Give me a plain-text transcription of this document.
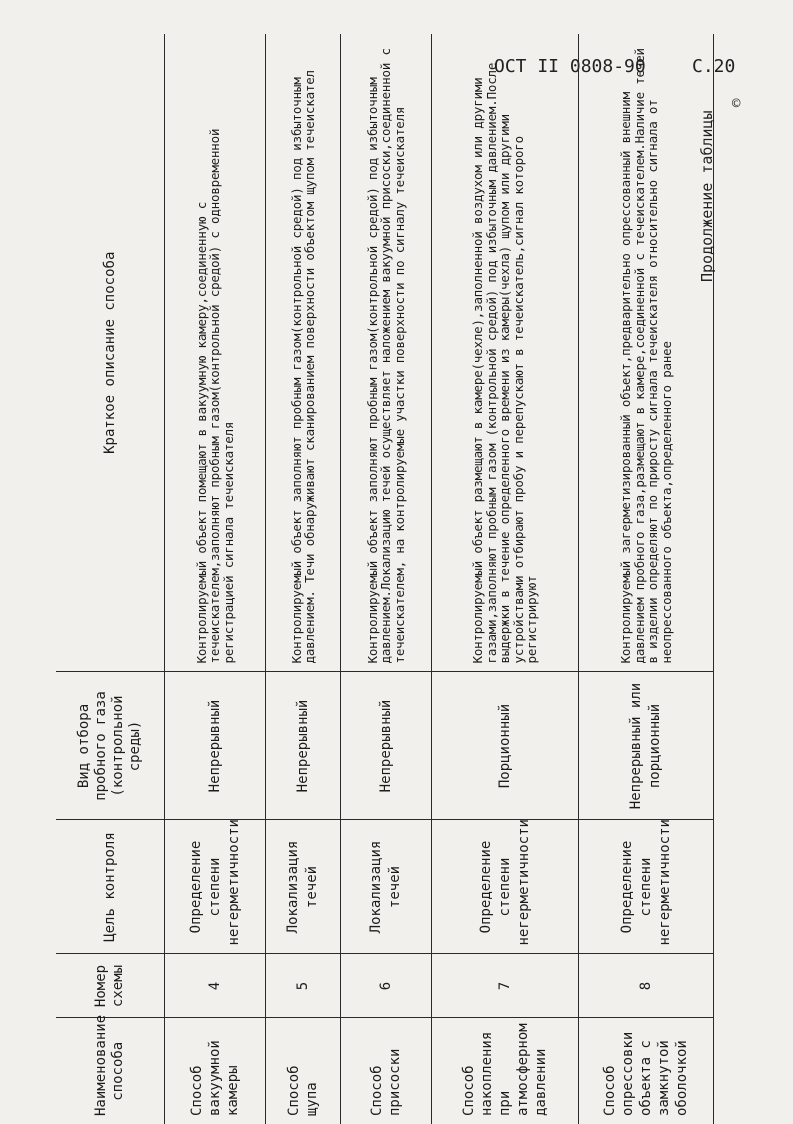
ОСТ II 0808-90	С.20
©
Наименование способа	Номер схемы	Цель контроля	Вид отбора пробного газа (контрольной среды)	Краткое описание способа
Способ вакуумной камеры	4	Определение степени негерметичности	Непрерывный	Контролируемый объект помещают в вакуумную камеру,соединенную с течеискателем,заполняют пробным газом(контрольной средой) с одновременной регистрацией сигнала течеискателя
Способ щупа	5	Локализация течей	Непрерывный	Контролируемый объект заполняют пробным газом(контрольной средой) под избыточным давлением. Течи обнаруживают сканированием поверхности объектом щупом течеискател
Способ присоски	6	Локализация течей	Непрерывный	Контролируемый объект заполняют пробным газом(контрольной средой) под избыточным давлением.Локализацию течей осуществляет наложением вакуумной присоски,соединенной с течеискателем, на контролируемые участки поверхности по сигналу течеискателя
Способ накопления при атмосферном давлении	7	Определение степени негерметичности	Порционный	Контролируемый объект размещают в камере(чехле),заполненной воздухом или другими газами,заполняют пробным газом (контрольной средой) под избыточным давлением.После выдержки в течение определенного времени из камеры(чехла) щупом или другими устройствами отбирают пробу и перепускают в течеискатель,сигнал которого регистрируют
Способ опрессовки объекта с замкнутой оболочкой	8	Определение степени негерметичности	Непрерывный или порционный	Контролируемый загерметизированный объект,предварительно опрессованный внешним давлением пробного газа,размещают в камере,соединенной с течеискателем.Наличие течей в изделии определяют по приросту сигнала течеискателя относительно сигнала от неопрессованного объекта,определенного ранее
Продолжение таблицы
